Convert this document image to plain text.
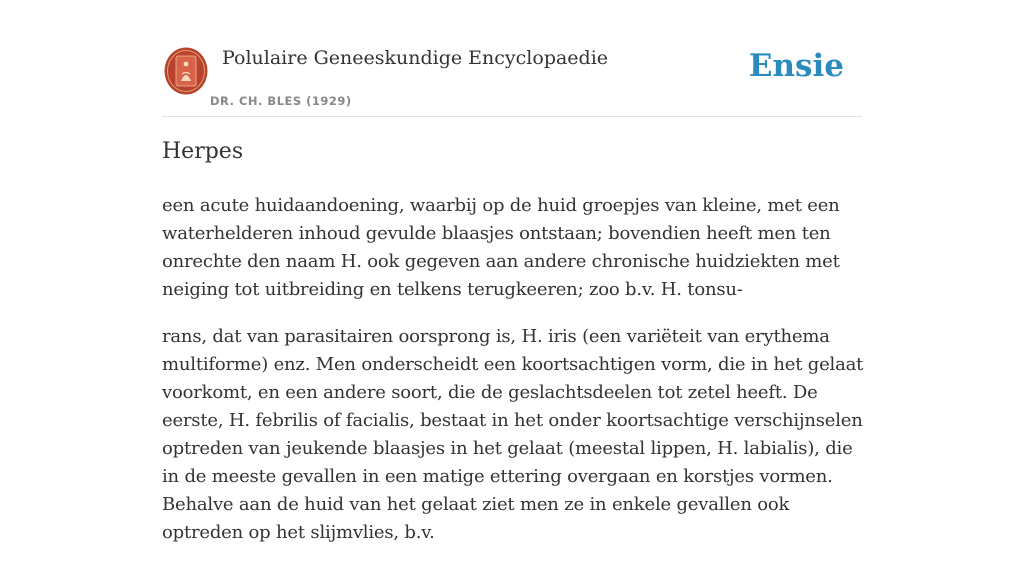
Polulaire Geneeskundige Encyclopaedie
DR. CH. BLES (1929)
Ensie
Herpes

een acute huidaandoening, waarbij op de huid groepjes van kleine, met een waterhelderen inhoud gevulde blaasjes ontstaan; bovendien heeft men ten onrechte den naam H. ook gegeven aan andere chronische huidziekten met neiging tot uitbreiding en telkens terugkeeren; zoo b.v. H. tonsu-

rans, dat van parasitairen oorsprong is, H. iris (een variëteit van erythema multiforme) enz. Men onderscheidt een koortsachtigen vorm, die in het gelaat voorkomt, en een andere soort, die de geslachtsdeelen tot zetel heeft. De eerste, H. febrilis of facialis, bestaat in het onder koortsachtige verschijnselen optreden van jeukende blaasjes in het gelaat (meestal lippen, H. labialis), die in de meeste gevallen in een matige ettering overgaan en korstjes vormen. Behalve aan de huid van het gelaat ziet men ze in enkele gevallen ook optreden op het slijmvlies, b.v.
